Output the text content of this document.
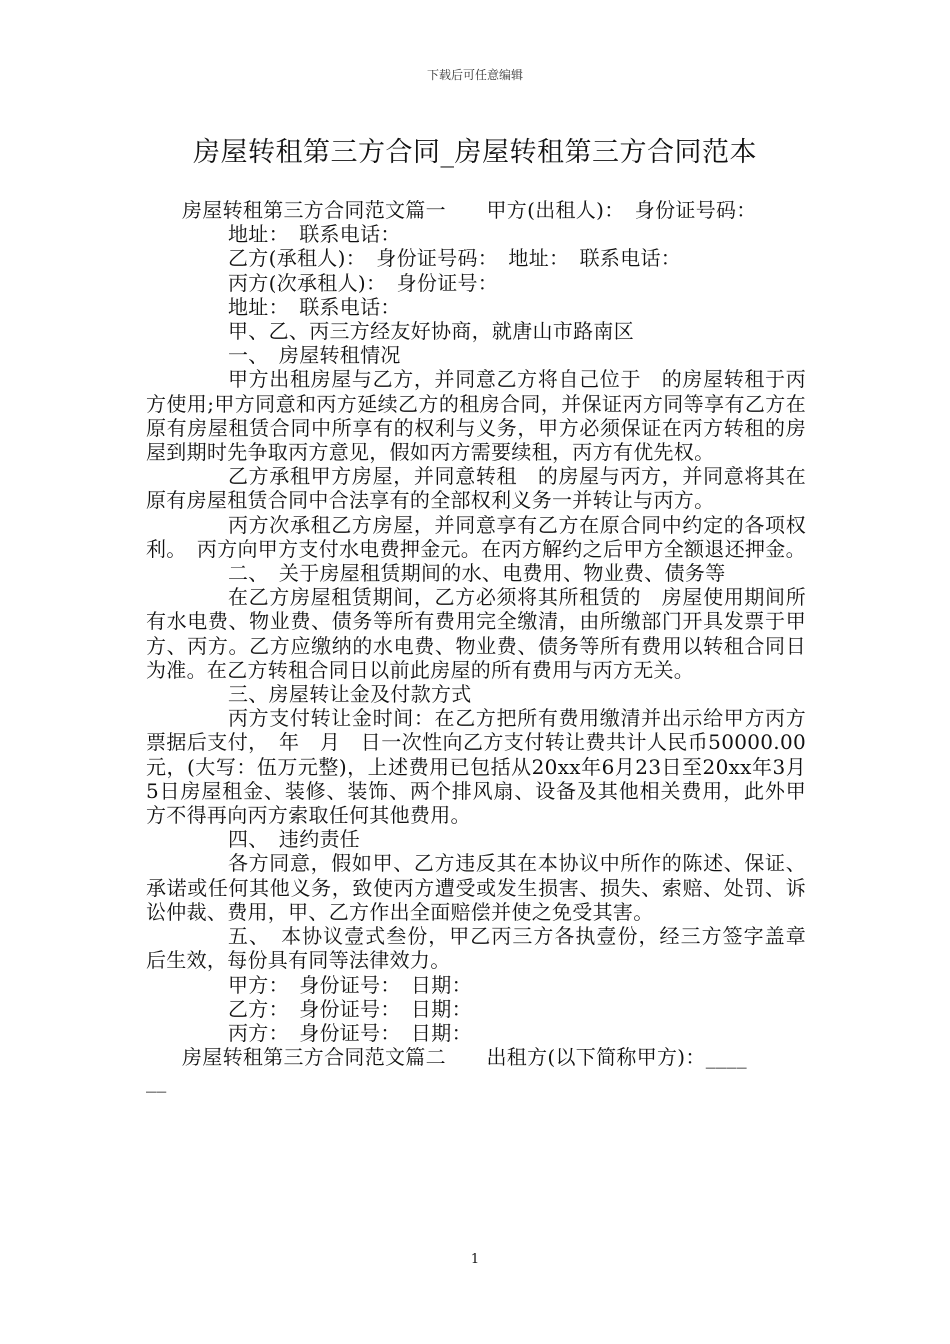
下载后可任意编辑
房屋转租第三方合同_房屋转租第三方合同范本
房屋转租第三方合同范文篇一　　甲方(出租人)：　身份证号码：
地址：　联系电话：
乙方(承租人)：　身份证号码：　地址：　联系电话：
丙方(次承租人)：　身份证号：
地址：　联系电话：
甲、乙、丙三方经友好协商，就唐山市路南区
一、　房屋转租情况
甲方出租房屋与乙方，并同意乙方将自己位于　的房屋转租于丙方使用;甲方同意和丙方延续乙方的租房合同，并保证丙方同等享有乙方在原有房屋租赁合同中所享有的权利与义务，甲方必须保证在丙方转租的房屋到期时先争取丙方意见，假如丙方需要续租，丙方有优先权。
乙方承租甲方房屋，并同意转租　的房屋与丙方，并同意将其在原有房屋租赁合同中合法享有的全部权利义务一并转让与丙方。
丙方次承租乙方房屋，并同意享有乙方在原合同中约定的各项权利。　丙方向甲方支付水电费押金元。在丙方解约之后甲方全额退还押金。
二、　关于房屋租赁期间的水、电费用、物业费、债务等
在乙方房屋租赁期间，乙方必须将其所租赁的　房屋使用期间所有水电费、物业费、债务等所有费用完全缴清，由所缴部门开具发票于甲方、丙方。乙方应缴纳的水电费、物业费、债务等所有费用以转租合同日为准。在乙方转租合同日以前此房屋的所有费用与丙方无关。
三、房屋转让金及付款方式
丙方支付转让金时间：在乙方把所有费用缴清并出示给甲方丙方票据后支付，　年　月　日一次性向乙方支付转让费共计人民币50000.00元，(大写：伍万元整)，上述费用已包括从20xx年6月23日至20xx年3月5日房屋租金、装修、装饰、两个排风扇、设备及其他相关费用，此外甲方不得再向丙方索取任何其他费用。
四、　违约责任
各方同意，假如甲、乙方违反其在本协议中所作的陈述、保证、承诺或任何其他义务，致使丙方遭受或发生损害、损失、索赔、处罚、诉讼仲裁、费用，甲、乙方作出全面赔偿并使之免受其害。
五、　本协议壹式叁份，甲乙丙三方各执壹份，经三方签字盖章后生效，每份具有同等法律效力。
甲方：　身份证号：　日期：
乙方：　身份证号：　日期：
丙方：　身份证号：　日期：
房屋转租第三方合同范文篇二　　出租方(以下简称甲方)：____
__
1
